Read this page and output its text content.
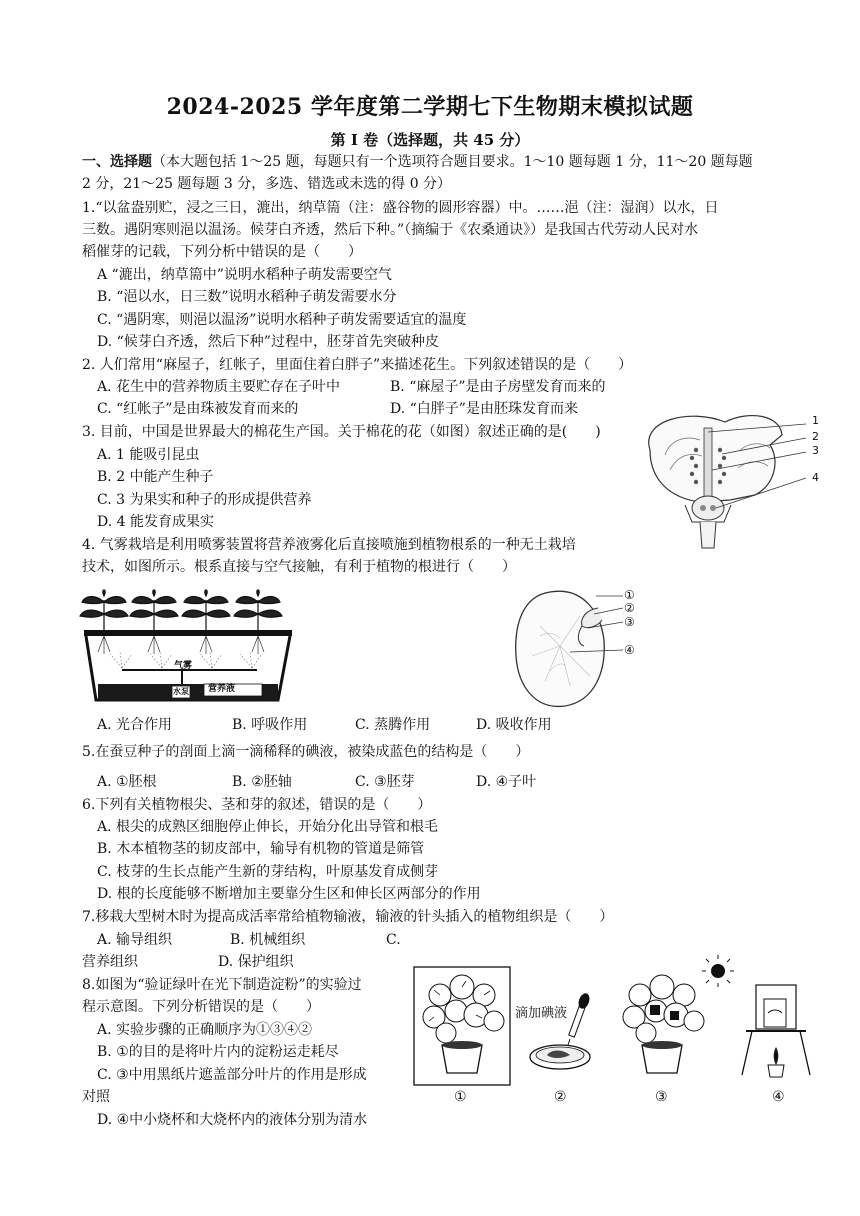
2024-2025 学年度第二学期七下生物期末模拟试题
第 I 卷（选择题，共 45 分）
一、选择题（本大题包括 1～25 题，每题只有一个选项符合题目要求。1～10 题每题 1 分，11～20 题每题
2 分，21～25 题每题 3 分，多选、错选或未选的得 0 分）
1.“以盆盎别贮，浸之三日，漉出，纳草篅（注：盛谷物的圆形容器）中。……浥（注：湿润）以水，日
三数。遇阴寒则浥以温汤。候芽白齐透，然后下种。”（摘编于《农桑通诀》）是我国古代劳动人民对水
稻催芽的记载，下列分析中错误的是（　　）
A “漉出，纳草篅中”说明水稻种子萌发需要空气
B. “浥以水，日三数”说明水稻种子萌发需要水分
C. “遇阴寒，则浥以温汤”说明水稻种子萌发需要适宜的温度
D. “候芽白齐透，然后下种”过程中，胚芽首先突破种皮
2. 人们常用“麻屋子，红帐子，里面住着白胖子”来描述花生。下列叙述错误的是（　　）
A. 花生中的营养物质主要贮存在子叶中	B. “麻屋子”是由子房壁发育而来的
C. “红帐子”是由珠被发育而来的	D. “白胖子”是由胚珠发育而来
3. 目前，中国是世界最大的棉花生产国。关于棉花的花（如图）叙述正确的是(　　)
A. 1 能吸引昆虫
B. 2 中能产生种子
C. 3 为果实和种子的形成提供营养
D. 4 能发育成果实
1
2
3
4
4. 气雾栽培是利用喷雾装置将营养液雾化后直接喷施到植物根系的一种无土栽培
技术，如图所示。根系直接与空气接触，有利于植物的根进行（　　）
气雾
水泵 营养液
①
②
③
④
A. 光合作用	B. 呼吸作用	C. 蒸腾作用	D. 吸收作用
5.在蚕豆种子的剖面上滴一滴稀释的碘液，被染成蓝色的结构是（　　）
A. ①胚根	B. ②胚轴	C. ③胚芽	D. ④子叶
6.下列有关植物根尖、茎和芽的叙述，错误的是（　　）
A. 根尖的成熟区细胞停止伸长，开始分化出导管和根毛
B. 木本植物茎的韧皮部中，输导有机物的管道是筛管
C. 枝芽的生长点能产生新的芽结构，叶原基发育成侧芽
D. 根的长度能够不断增加主要靠分生区和伸长区两部分的作用
7.移栽大型树木时为提高成活率常给植物输液，输液的针头插入的植物组织是（　　）
A. 输导组织	B. 机械组织	C.
营养组织	D. 保护组织
8.如图为“验证绿叶在光下制造淀粉”的实验过
程示意图。下列分析错误的是（　　）
A. 实验步骤的正确顺序为①③④②
B. ①的目的是将叶片内的淀粉运走耗尽
C. ③中用黑纸片遮盖部分叶片的作用是形成
对照
D. ④中小烧杯和大烧杯内的液体分别为清水
滴加碘液
①	②	③	④
